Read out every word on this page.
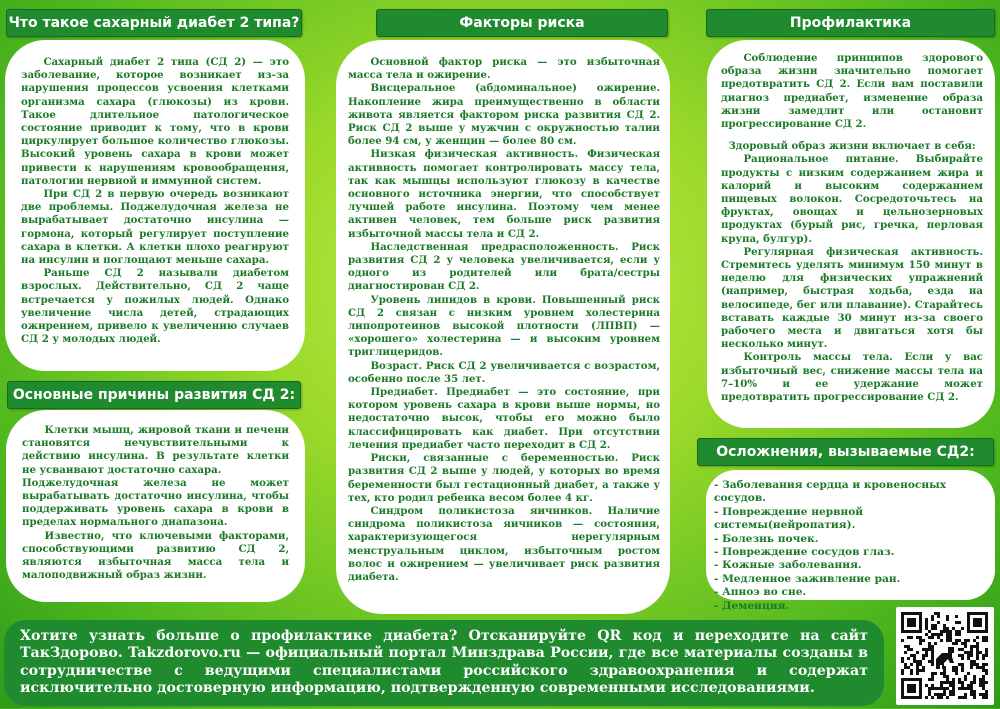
Что такое сахарный диабет 2 типа?

Сахарный диабет 2 типа (СД 2) — это заболевание, которое возникает из-за нарушения процессов усвоения клетками организма сахара (глюкозы) из крови. Такое длительное патологическое состояние приводит к тому, что в крови циркулирует большое количество глюкозы. Высокий уровень сахара в крови может привести к нарушениям кровообращения, патологии нервной и иммунной систем.

При СД 2 в первую очередь возникают две проблемы. Поджелудочная железа не вырабатывает достаточно инсулина — гормона, который регулирует поступление сахара в клетки. А клетки плохо реагируют на инсулин и поглощают меньше сахара.

Раньше СД 2 называли диабетом взрослых. Действительно, СД 2 чаще встречается у пожилых людей. Однако увеличение числа детей, страдающих ожирением, привело к увеличению случаев СД 2 у молодых людей.

Основные причины развития СД 2:

Клетки мышц, жировой ткани и печени становятся нечувствительными к действию инсулина. В результате клетки не усваивают достаточно сахара.

Поджелудочная железа не может вырабатывать достаточно инсулина, чтобы поддерживать уровень сахара в крови в пределах нормального диапазона.

Известно, что ключевыми факторами, способствующими развитию СД 2, являются избыточная масса тела и малоподвижный образ жизни.

Факторы риска

Основной фактор риска — это избыточная масса тела и ожирение.

Висцеральное (абдоминальное) ожирение. Накопление жира преимущественно в области живота является фактором риска развития СД 2. Риск СД 2 выше у мужчин с окружностью талии более 94 см, у женщин — более 80 см.

Низкая физическая активность. Физическая активность помогает контролировать массу тела, так как мышцы используют глюкозу в качестве основного источника энергии, что способствует лучшей работе инсулина. Поэтому чем менее активен человек, тем больше риск развития избыточной массы тела и СД 2.

Наследственная предрасположенность. Риск развития СД 2 у человека увеличивается, если у одного из родителей или брата/сестры диагностирован СД 2.

Уровень липидов в крови. Повышенный риск СД 2 связан с низким уровнем холестерина липопротеинов высокой плотности (ЛПВП) — «хорошего» холестерина — и высоким уровнем триглицеридов.

Возраст. Риск СД 2 увеличивается с возрастом, особенно после 35 лет.

Предиабет. Предиабет — это состояние, при котором уровень сахара в крови выше нормы, но недостаточно высок, чтобы его можно было классифицировать как диабет. При отсутствии лечения предиабет часто переходит в СД 2.

Риски, связанные с беременностью. Риск развития СД 2 выше у людей, у которых во время беременности был гестационный диабет, а также у тех, кто родил ребенка весом более 4 кг.

Синдром поликистоза яичников. Наличие синдрома поликистоза яичников — состояния, характеризующегося нерегулярным менструальным циклом, избыточным ростом волос и ожирением — увеличивает риск развития диабета.

Профилактика

Соблюдение принципов здорового образа жизни значительно помогает предотвратить СД 2. Если вам поставили диагноз предиабет, изменение образа жизни замедлит или остановит прогрессирование СД 2.

Здоровый образ жизни включает в себя:

Рациональное питание. Выбирайте продукты с низким содержанием жира и калорий и высоким содержанием пищевых волокон. Сосредоточьтесь на фруктах, овощах и цельнозерновых продуктах (бурый рис, гречка, перловая крупа, булгур).

Регулярная физическая активность. Стремитесь уделять минимум 150 минут в неделю для физических упражнений (например, быстрая ходьба, езда на велосипеде, бег или плавание). Старайтесь вставать каждые 30 минут из-за своего рабочего места и двигаться хотя бы несколько минут.

Контроль массы тела. Если у вас избыточный вес, снижение массы тела на 7–10% и ее удержание может предотвратить прогрессирование СД 2.

Осложнения, вызываемые СД2:
- Заболевания сердца и кровеносных сосудов.
- Повреждение нервной системы(нейропатия).
- Болезнь почек.
- Повреждение сосудов глаз.
- Кожные заболевания.
- Медленное заживление ран.
- Апноэ во сне.
- Деменция.
Хотите узнать больше о профилактике диабета? Отсканируйте QR код и переходите на сайт ТакЗдорово. Takzdorovo.ru — официальный портал Минздрава России, где все материалы созданы в сотрудничестве с ведущими специалистами российского здравоохранения и содержат исключительно достоверную информацию, подтвержденную современными исследованиями.
